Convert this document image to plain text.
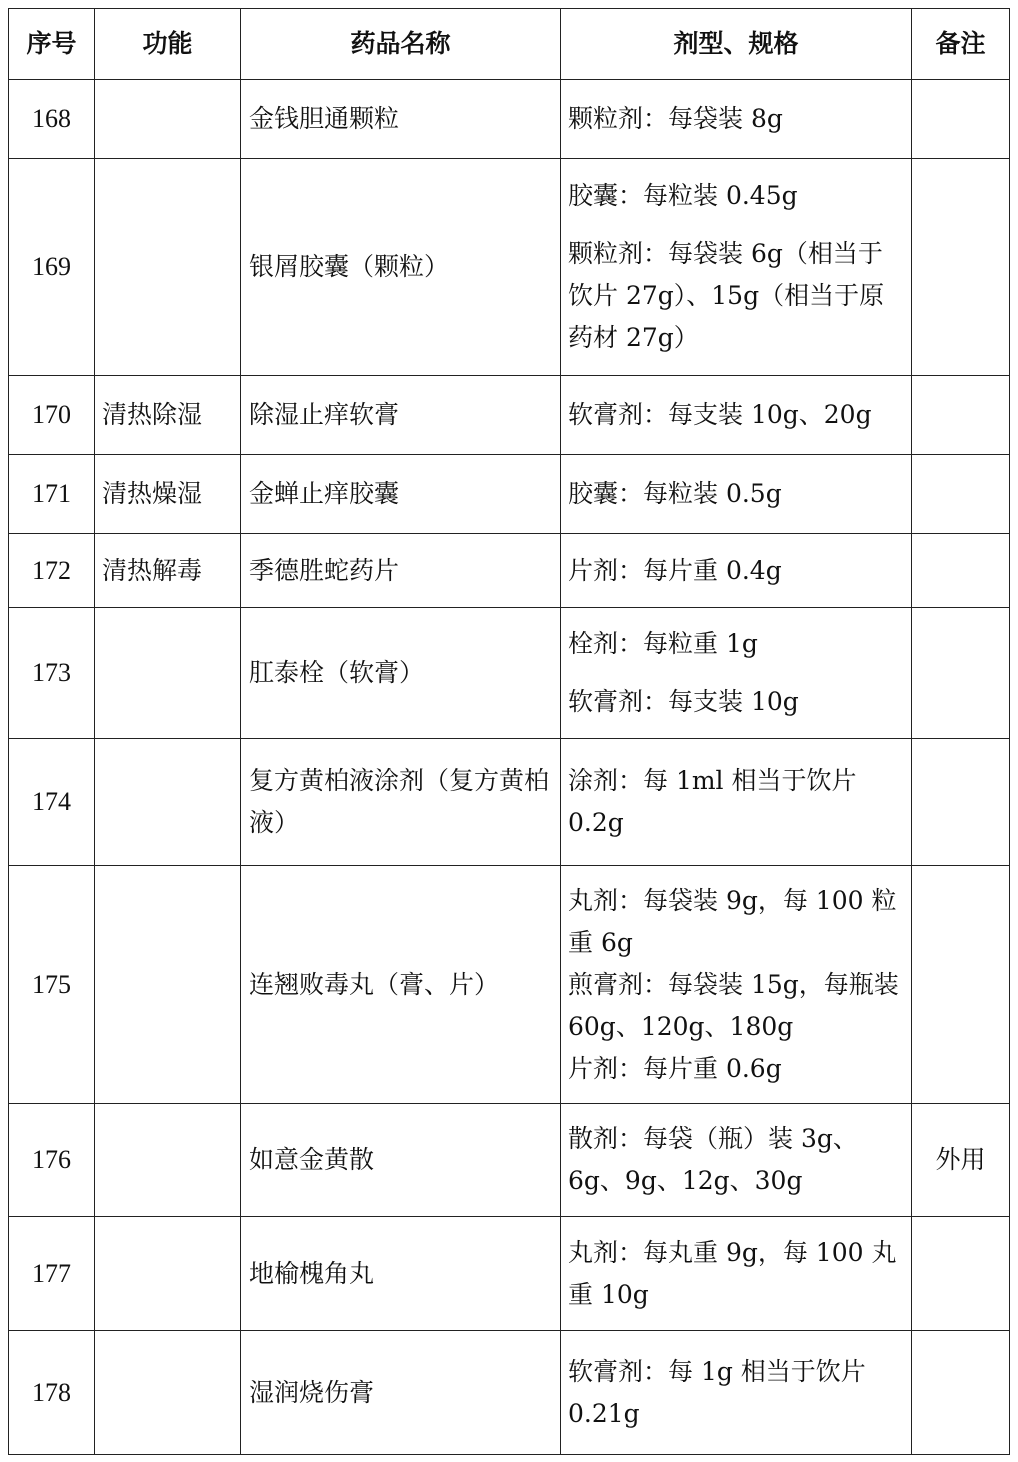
序号	功能	药品名称	剂型、规格	备注
168		金钱胆通颗粒	颗粒剂：每袋装 8g	

169		银屑胶囊（颗粒）	胶囊：每粒装 0.45g
颗粒剂：每袋装 6g（相当于饮片 27g）、15g（相当于原药材 27g）	

170	清热除湿	除湿止痒软膏	软膏剂：每支装 10g、20g	

171	清热燥湿	金蝉止痒胶囊	胶囊：每粒装 0.5g	

172	清热解毒	季德胜蛇药片	片剂：每片重 0.4g	

173		肛泰栓（软膏）	栓剂：每粒重 1g
软膏剂：每支装 10g	

174		复方黄柏液涂剂（复方黄柏液）	涂剂：每 1ml 相当于饮片 0.2g	

175		连翘败毒丸（膏、片）	丸剂：每袋装 9g，每 100 粒重 6g
煎膏剂：每袋装 15g，每瓶装 60g、120g、180g
片剂：每片重 0.6g	

176		如意金黄散	散剂：每袋（瓶）装 3g、6g、9g、12g、30g	外用
177		地榆槐角丸	丸剂：每丸重 9g，每 100 丸重 10g	

178		湿润烧伤膏	软膏剂：每 1g 相当于饮片 0.21g	
